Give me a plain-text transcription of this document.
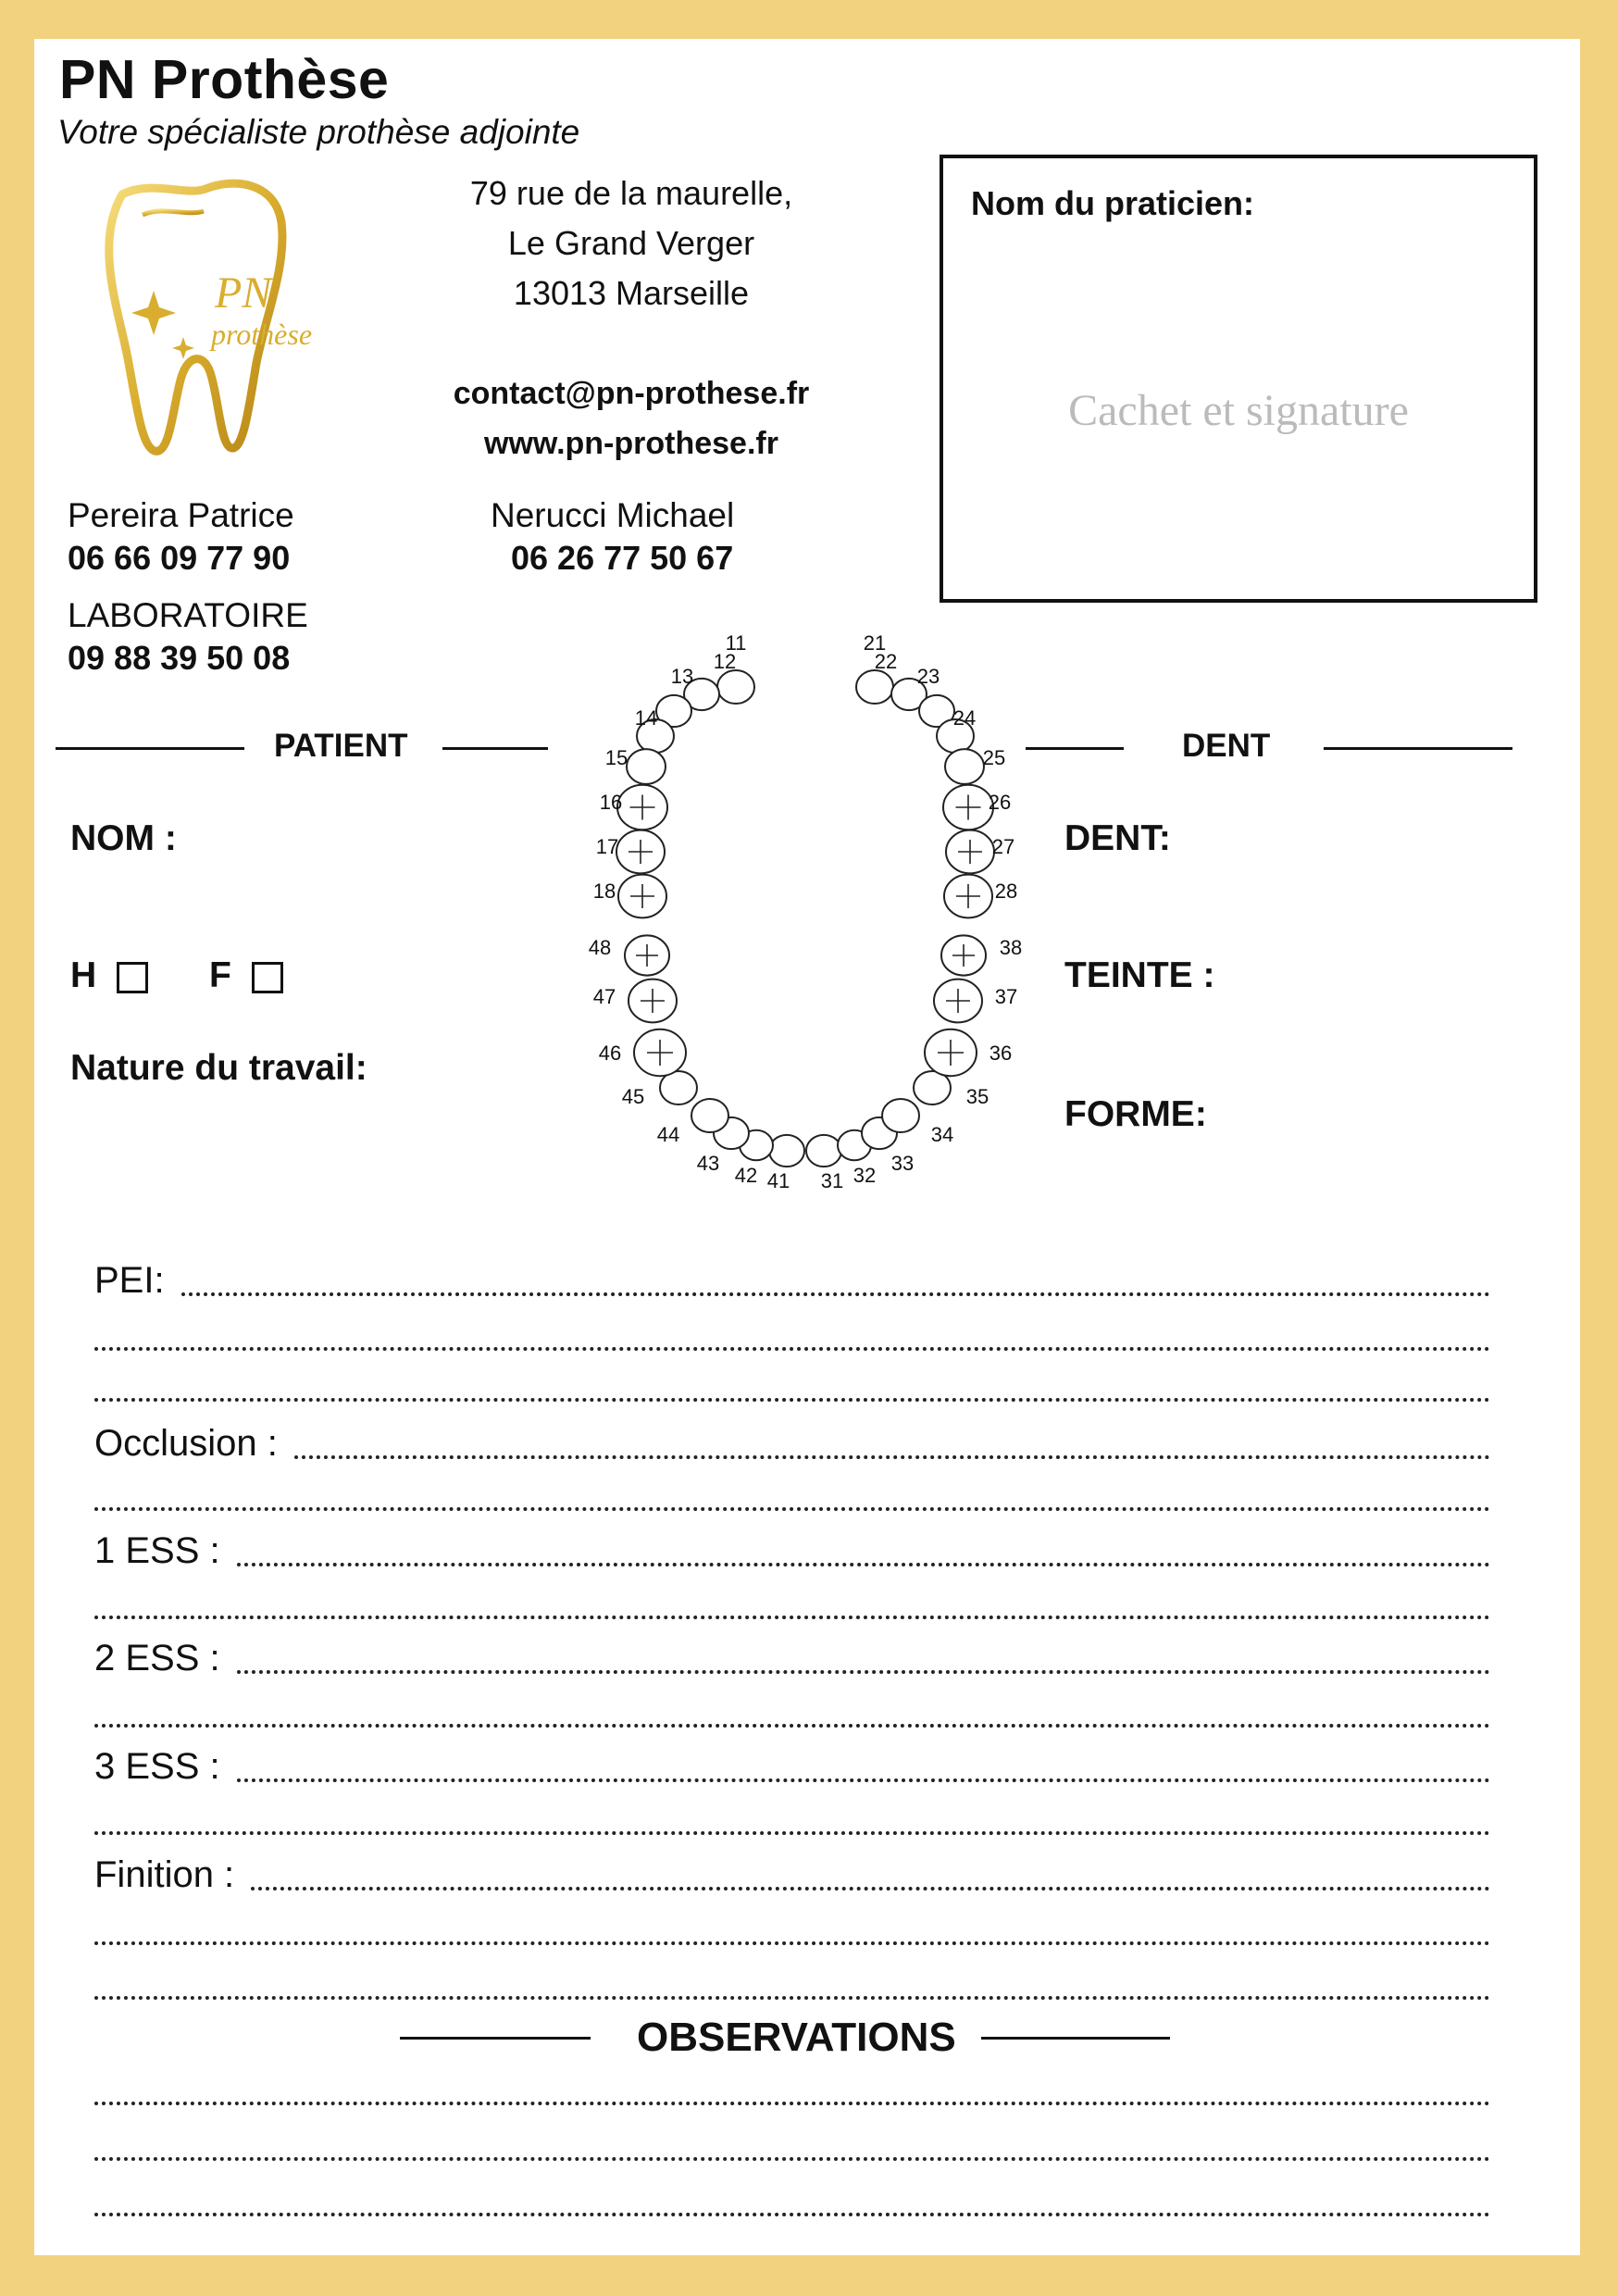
PN Prothèse
Votre spécialiste prothèse adjointe
PN
prothèse
79 rue de la maurelle,
Le Grand Verger
13013 Marseille
contact@pn-prothese.fr
www.pn-prothese.fr
Pereira Patrice
06 66 09 77 90
Nerucci Michael
06 26 77 50 67
LABORATOIRE
09 88 39 50 08
Nom du praticien:
Cachet et signature
PATIENT	DENT
NOM :
H	F
Nature du travail:
DENT:
TEINTE :
FORME:
11
12
13
14
15
16
17
18
21
22
23
24
25
26
27
28
41
42
43
44
45
46
47
48
31 32
33
34
35
36
37
38
PEI:
Occlusion :
1 ESS :
2 ESS :
3 ESS :
Finition :
OBSERVATIONS
